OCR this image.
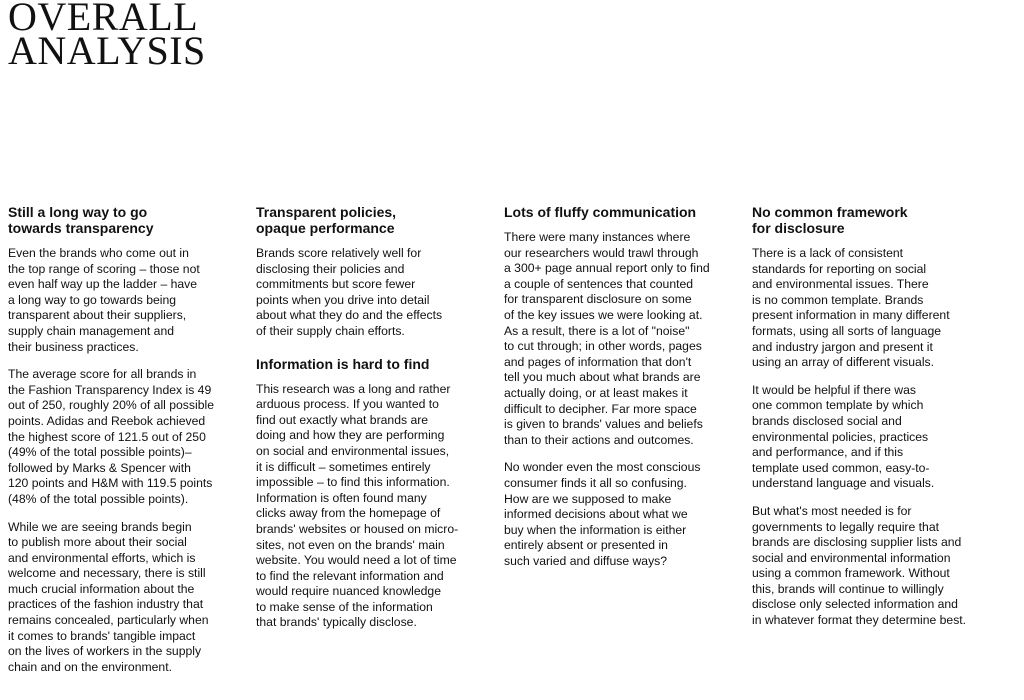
OVERALL
ANALYSIS
Still a long way to go
towards transparency
Even the brands who come out in
the top range of scoring – those not
even half way up the ladder – have
a long way to go towards being
transparent about their suppliers,
supply chain management and
their business practices.
The average score for all brands in
the Fashion Transparency Index is 49
out of 250, roughly 20% of all possible
points. Adidas and Reebok achieved
the highest score of 121.5 out of 250
(49% of the total possible points)–
followed by Marks & Spencer with
120 points and H&M with 119.5 points
(48% of the total possible points).
While we are seeing brands begin
to publish more about their social
and environmental efforts, which is
welcome and necessary, there is still
much crucial information about the
practices of the fashion industry that
remains concealed, particularly when
it comes to brands' tangible impact
on the lives of workers in the supply
chain and on the environment.
Transparent policies,
opaque performance
Brands score relatively well for
disclosing their policies and
commitments but score fewer
points when you drive into detail
about what they do and the effects
of their supply chain efforts.
Information is hard to find
This research was a long and rather
arduous process. If you wanted to
find out exactly what brands are
doing and how they are performing
on social and environmental issues,
it is difficult – sometimes entirely
impossible – to find this information.
Information is often found many
clicks away from the homepage of
brands' websites or housed on micro-
sites, not even on the brands' main
website. You would need a lot of time
to find the relevant information and
would require nuanced knowledge
to make sense of the information
that brands' typically disclose.
Lots of fluffy communication
There were many instances where
our researchers would trawl through
a 300+ page annual report only to find
a couple of sentences that counted
for transparent disclosure on some
of the key issues we were looking at.
As a result, there is a lot of "noise"
to cut through; in other words, pages
and pages of information that don't
tell you much about what brands are
actually doing, or at least makes it
difficult to decipher. Far more space
is given to brands' values and beliefs
than to their actions and outcomes.
No wonder even the most conscious
consumer finds it all so confusing.
How are we supposed to make
informed decisions about what we
buy when the information is either
entirely absent or presented in
such varied and diffuse ways?
No common framework
for disclosure
There is a lack of consistent
standards for reporting on social
and environmental issues. There
is no common template. Brands
present information in many different
formats, using all sorts of language
and industry jargon and present it
using an array of different visuals.
It would be helpful if there was
one common template by which
brands disclosed social and
environmental policies, practices
and performance, and if this
template used common, easy-to-
understand language and visuals.
But what's most needed is for
governments to legally require that
brands are disclosing supplier lists and
social and environmental information
using a common framework. Without
this, brands will continue to willingly
disclose only selected information and
in whatever format they determine best.
